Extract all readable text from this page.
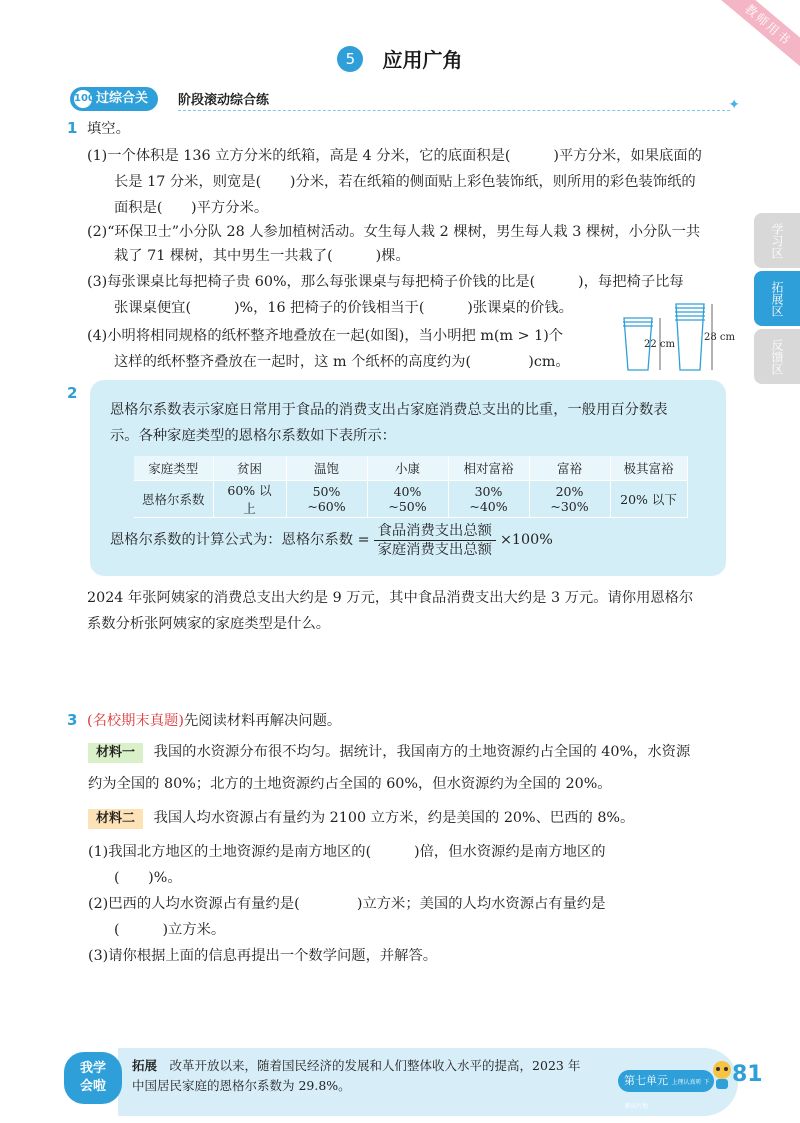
教师用书
5 应用广角
100 过综合关	阶段滚动综合练	✦
学习区
拓展区
反馈区
1 填空。
(1)一个体积是 136 立方分米的纸箱，高是 4 分米，它的底面积是(　　　)平方分米，如果底面的
长是 17 分米，则宽是(　　)分米，若在纸箱的侧面贴上彩色装饰纸，则所用的彩色装饰纸的
面积是(　　)平方分米。
(2)“环保卫士”小分队 28 人参加植树活动。女生每人栽 2 棵树，男生每人栽 3 棵树，小分队一共
栽了 71 棵树，其中男生一共栽了(　　　)棵。
(3)每张课桌比每把椅子贵 60%，那么每张课桌与每把椅子价钱的比是(　　　)，每把椅子比每
张课桌便宜(　　　)%，16 把椅子的价钱相当于(　　　)张课桌的价钱。
(4)小明将相同规格的纸杯整齐地叠放在一起(如图)，当小明把 m(m > 1)个
这样的纸杯整齐叠放在一起时，这 m 个纸杯的高度约为(　　　　)cm。
22 cm
28 cm
2
恩格尔系数表示家庭日常用于食品的消费支出占家庭消费总支出的比重，一般用百分数表
示。各种家庭类型的恩格尔系数如下表所示：
家庭类型	贫困	温饱	小康	相对富裕	富裕	极其富裕
恩格尔系数	60% 以上	50% ~60%	40% ~50%	30% ~40%	20% ~30%	20% 以下
恩格尔系数的计算公式为：恩格尔系数 = $\frac{\text{食品消费支出总额}}{\text{家庭消费支出总额}} \times 100\%$
2024 年张阿姨家的消费总支出大约是 9 万元，其中食品消费支出大约是 3 万元。请你用恩格尔
系数分析张阿姨家的家庭类型是什么。
3 (名校期末真题)先阅读材料再解决问题。
材料一 我国的水资源分布很不均匀。据统计，我国南方的土地资源约占全国的 40%，水资源
约为全国的 80%；北方的土地资源约占全国的 60%，但水资源约为全国的 20%。
材料二 我国人均水资源占有量约为 2100 立方米，约是美国的 20%、巴西的 8%。
(1)我国北方地区的土地资源约是南方地区的(　　　)倍，但水资源约是南方地区的
(　　)%。
(2)巴西的人均水资源占有量约是(　　　　)立方米；美国的人均水资源占有量约是
(　　　)立方米。
(3)请你根据上面的信息再提出一个数学问题，并解答。
我学
会啦
拓展　 改革开放以来，随着国民经济的发展和人们整体收入水平的提高，2023 年
中国居民家庭的恩格尔系数为 29.8%。	第七单元 上理认真听 下课高兴地
81
